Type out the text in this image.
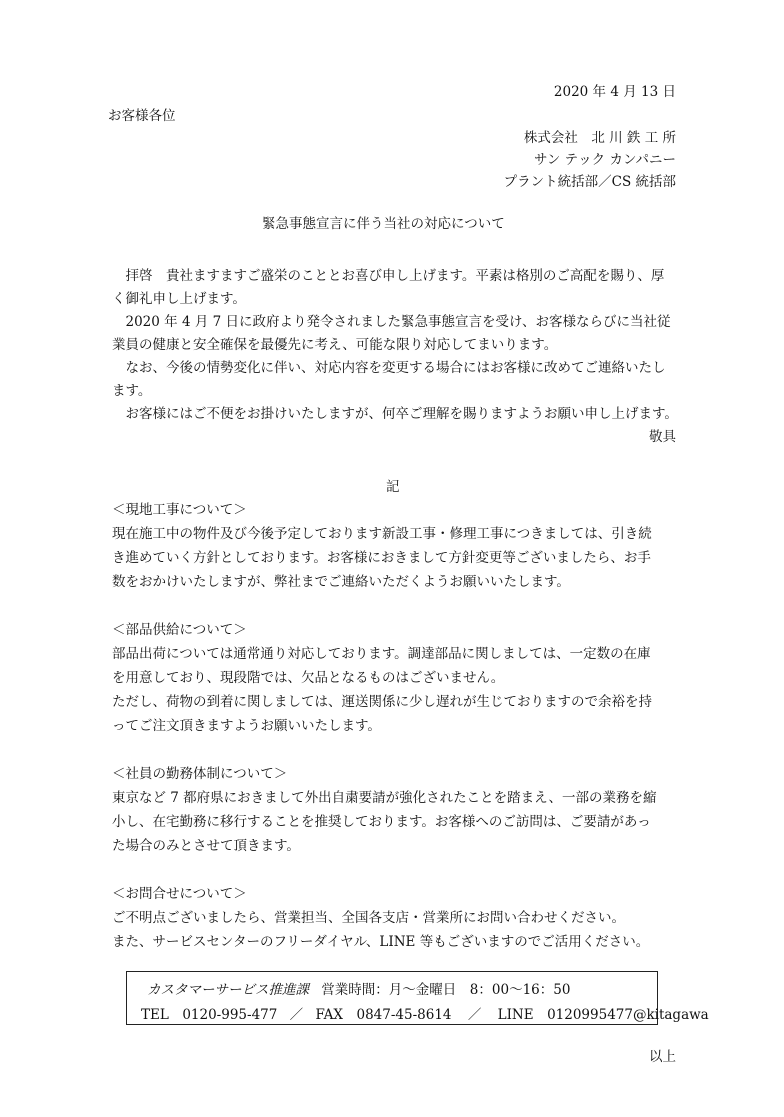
2020 年 4 月 13 日
お客様各位
株式会社　北 川 鉄 工 所
サン テック カンパニー
プラント統括部／CS 統括部
緊急事態宣言に伴う当社の対応について
　拝啓　貴社ますますご盛栄のこととお喜び申し上げます。平素は格別のご高配を賜り、厚
く御礼申し上げます。
　2020 年 4 月 7 日に政府より発令されました緊急事態宣言を受け、お客様ならびに当社従
業員の健康と安全確保を最優先に考え、可能な限り対応してまいります。
　なお、今後の情勢変化に伴い、対応内容を変更する場合にはお客様に改めてご連絡いたし
ます。
　お客様にはご不便をお掛けいたしますが、何卒ご理解を賜りますようお願い申し上げます。
敬具
記
＜現地工事について＞
現在施工中の物件及び今後予定しております新設工事・修理工事につきましては、引き続
き進めていく方針としております。お客様におきまして方針変更等ございましたら、お手
数をおかけいたしますが、弊社までご連絡いただくようお願いいたします。
＜部品供給について＞
部品出荷については通常通り対応しております。調達部品に関しましては、一定数の在庫
を用意しており、現段階では、欠品となるものはございません。
ただし、荷物の到着に関しましては、運送関係に少し遅れが生じておりますので余裕を持
ってご注文頂きますようお願いいたします。
＜社員の勤務体制について＞
東京など 7 都府県におきまして外出自粛要請が強化されたことを踏まえ、一部の業務を縮
小し、在宅勤務に移行することを推奨しております。お客様へのご訪問は、ご要請があっ
た場合のみとさせて頂きます。
＜お問合せについて＞
ご不明点ございましたら、営業担当、全国各支店・営業所にお問い合わせください。
また、サービスセンターのフリーダイヤル、LINE 等もございますのでご活用ください。
カスタマーサービス推進課 営業時間：月～金曜日　8：00～16：50
TEL　0120-995-477 ／ FAX　0847-45-8614 ／ LINE　0120995477@kitagawa
以上
